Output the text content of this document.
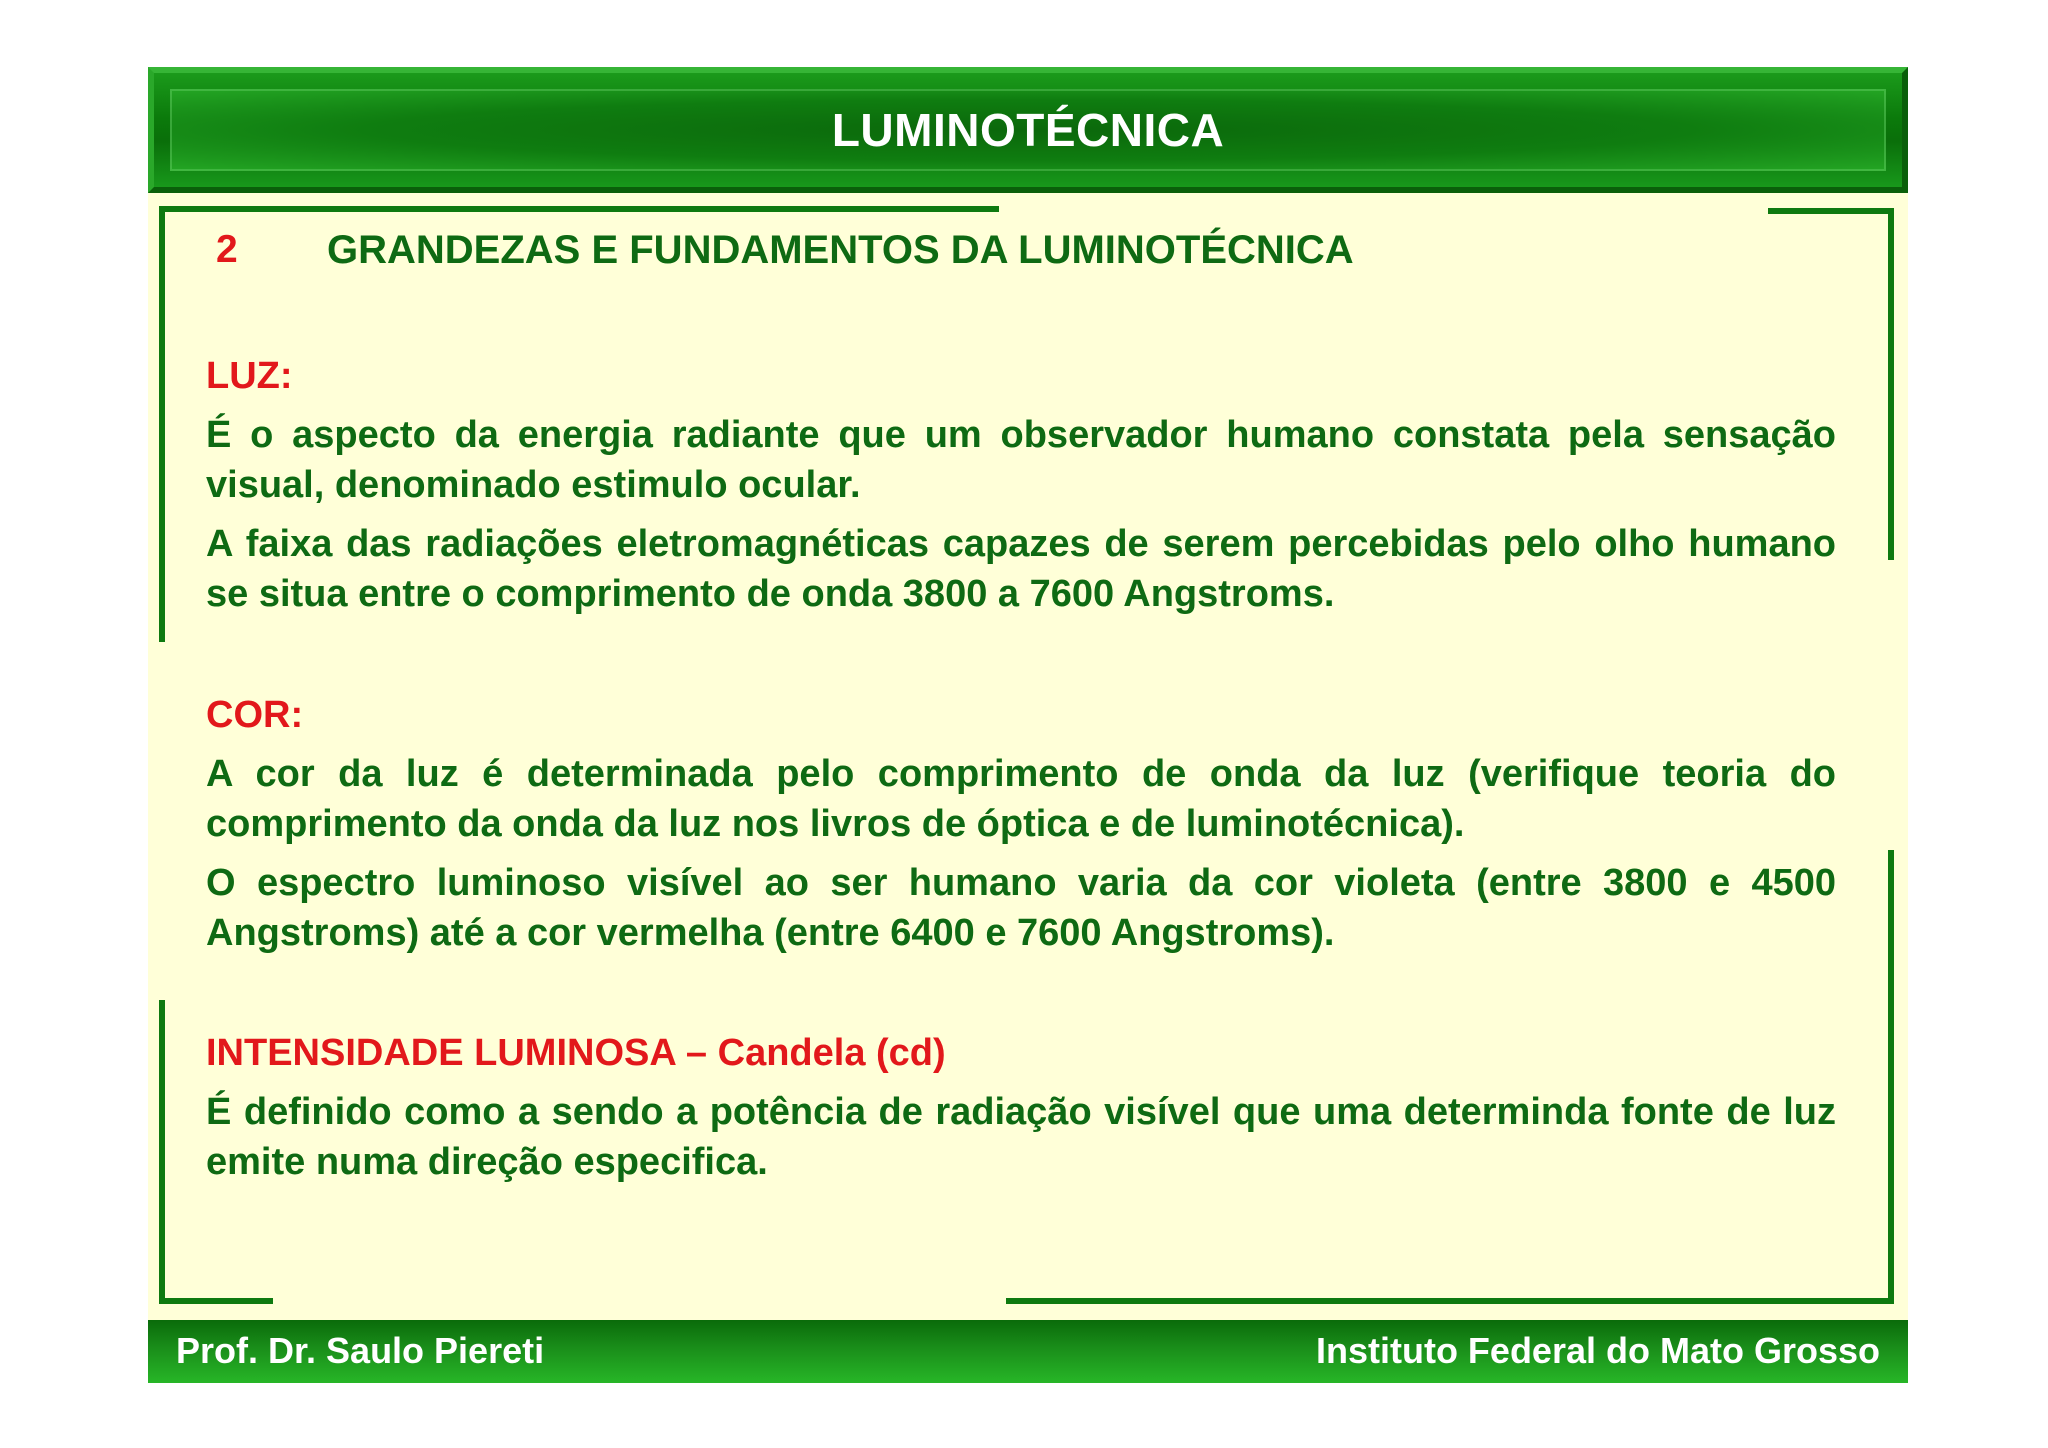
LUMINOTÉCNICA
2 GRANDEZAS E FUNDAMENTOS DA LUMINOTÉCNICA
LUZ:
É o aspecto da energia radiante que um observador humano constata pela sensação visual, denominado estimulo ocular.
A faixa das radiações eletromagnéticas capazes de serem percebidas pelo olho humano se situa entre o comprimento de onda 3800 a 7600 Angstroms.
COR:
A cor da luz é determinada pelo comprimento de onda da luz (verifique teoria do comprimento da onda da luz nos livros de óptica e de luminotécnica).
O espectro luminoso visível ao ser humano varia da cor violeta (entre 3800 e 4500 Angstroms) até a cor vermelha (entre 6400 e 7600 Angstroms).
INTENSIDADE LUMINOSA – Candela (cd)
É definido como a sendo a potência de radiação visível que uma determinda fonte de luz emite numa direção especifica.
Prof. Dr. Saulo Piereti	Instituto Federal do Mato Grosso
